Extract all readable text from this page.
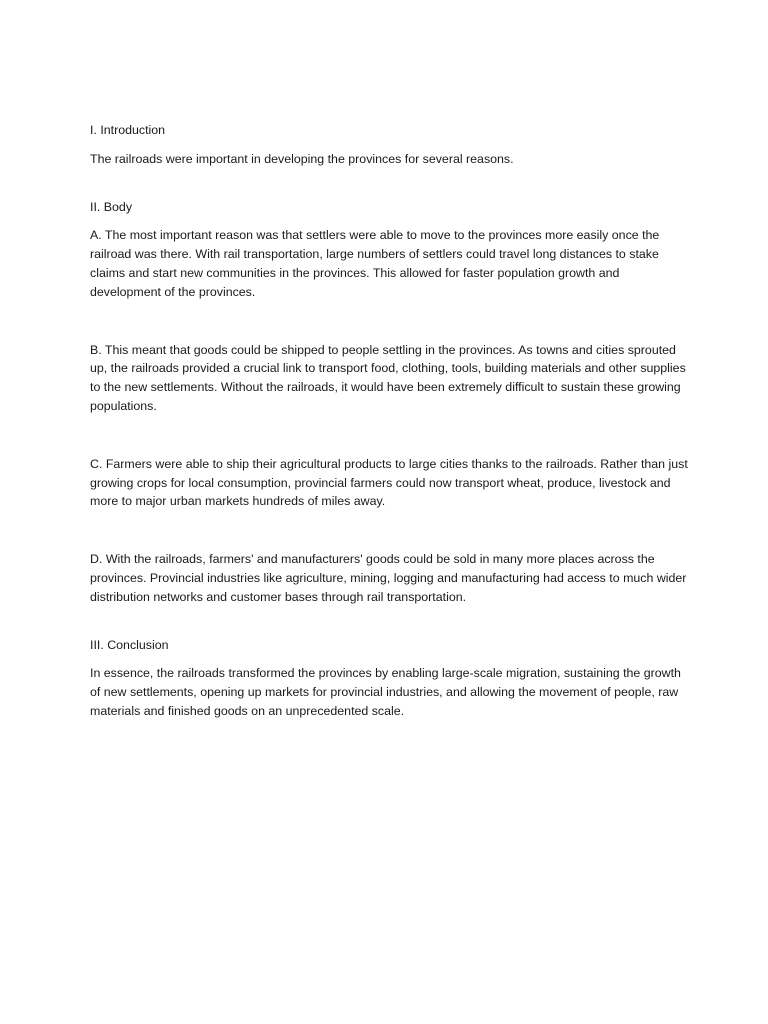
I. Introduction

The railroads were important in developing the provinces for several reasons.

II. Body

A. The most important reason was that settlers were able to move to the provinces more easily once the railroad was there. With rail transportation, large numbers of settlers could travel long distances to stake claims and start new communities in the provinces. This allowed for faster population growth and development of the provinces.

B. This meant that goods could be shipped to people settling in the provinces. As towns and cities sprouted up, the railroads provided a crucial link to transport food, clothing, tools, building materials and other supplies to the new settlements. Without the railroads, it would have been extremely difficult to sustain these growing populations.

C. Farmers were able to ship their agricultural products to large cities thanks to the railroads. Rather than just growing crops for local consumption, provincial farmers could now transport wheat, produce, livestock and more to major urban markets hundreds of miles away.

D. With the railroads, farmers' and manufacturers' goods could be sold in many more places across the provinces. Provincial industries like agriculture, mining, logging and manufacturing had access to much wider distribution networks and customer bases through rail transportation.

III. Conclusion

In essence, the railroads transformed the provinces by enabling large-scale migration, sustaining the growth of new settlements, opening up markets for provincial industries, and allowing the movement of people, raw materials and finished goods on an unprecedented scale.
